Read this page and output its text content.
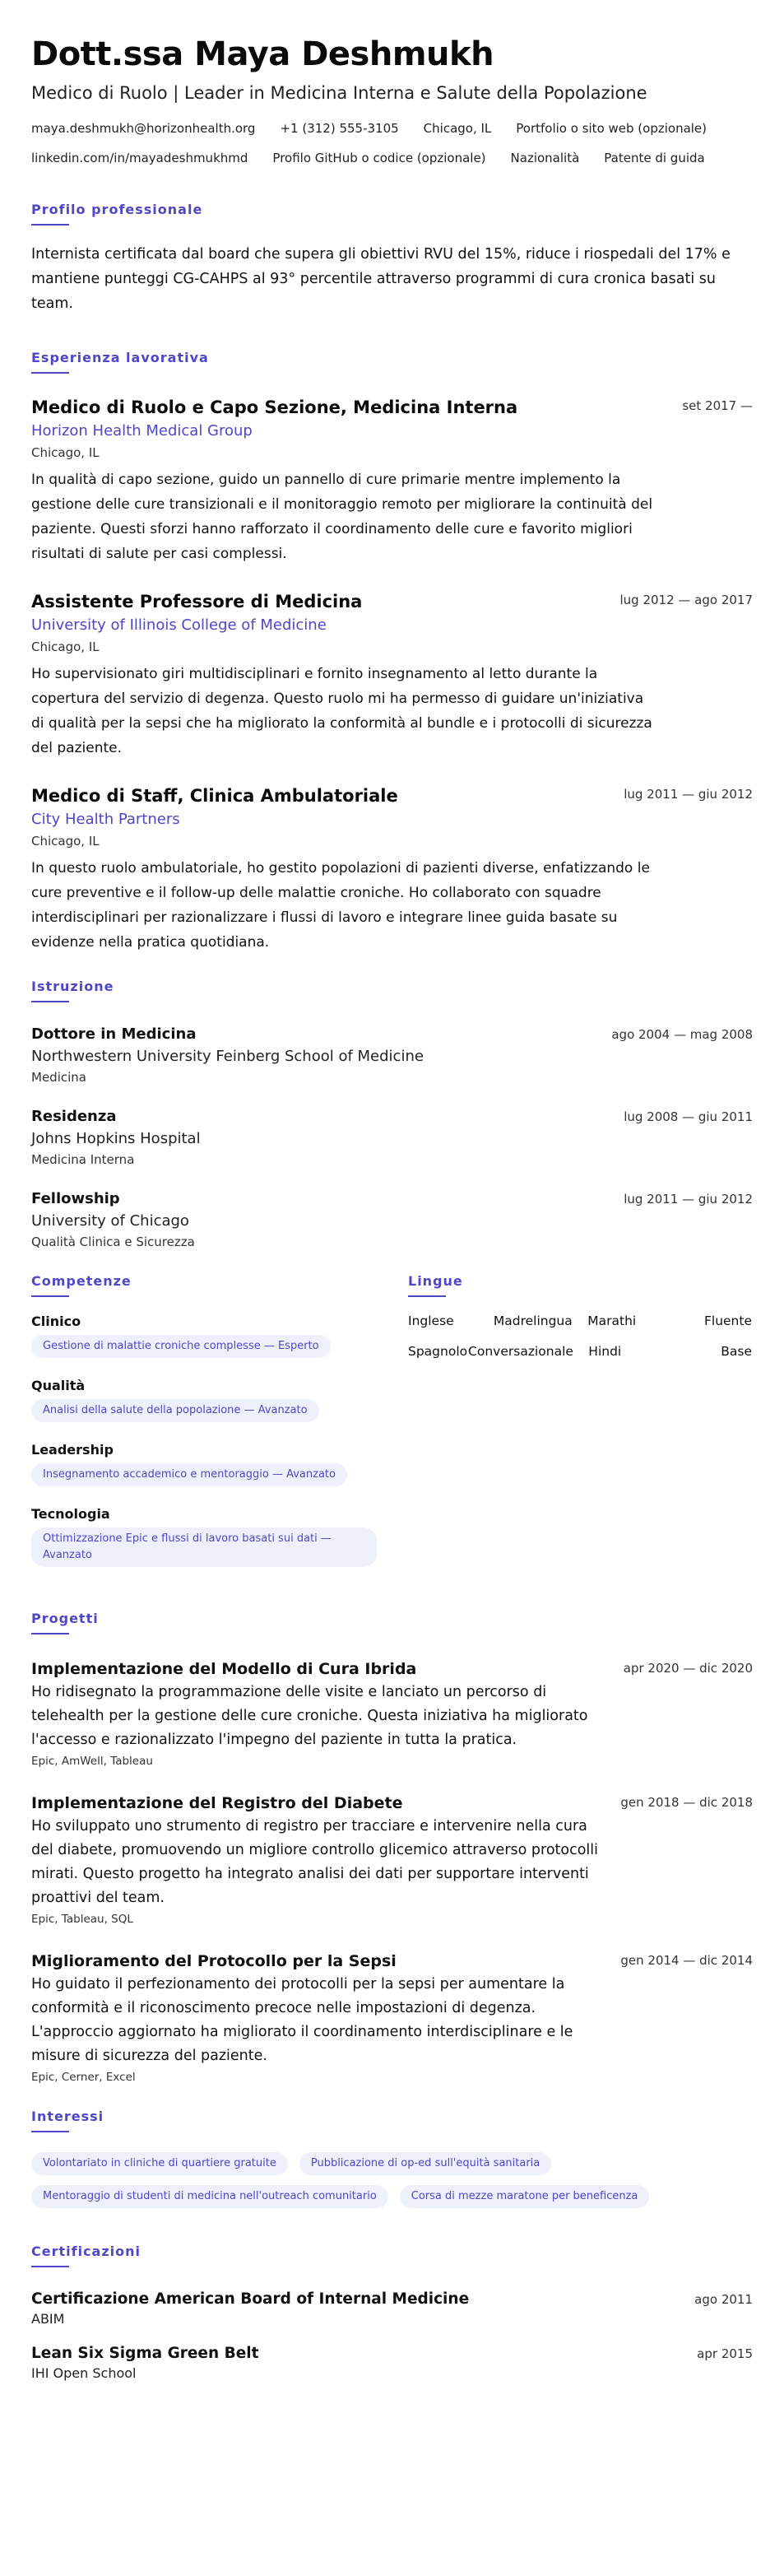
Dott.ssa Maya Deshmukh
Medico di Ruolo | Leader in Medicina Interna e Salute della Popolazione
maya.deshmukh@horizonhealth.org +1 (312) 555-3105 Chicago, IL Portfolio o sito web (opzionale)
linkedin.com/in/mayadeshmukhmd Profilo GitHub o codice (opzionale) Nazionalità Patente di guida
Profilo professionale
Internista certificata dal board che supera gli obiettivi RVU del 15%, riduce i riospedali del 17% e mantiene punteggi CG-CAHPS al 93° percentile attraverso programmi di cura cronica basati su team.
Esperienza lavorativa
Medico di Ruolo e Capo Sezione, Medicina Interna
Horizon Health Medical Group
Chicago, IL
set 2017 —
In qualità di capo sezione, guido un pannello di cure primarie mentre implemento la gestione delle cure transizionali e il monitoraggio remoto per migliorare la continuità del paziente. Questi sforzi hanno rafforzato il coordinamento delle cure e favorito migliori risultati di salute per casi complessi.
Assistente Professore di Medicina
University of Illinois College of Medicine
Chicago, IL
lug 2012 — ago 2017
Ho supervisionato giri multidisciplinari e fornito insegnamento al letto durante la copertura del servizio di degenza. Questo ruolo mi ha permesso di guidare un'iniziativa di qualità per la sepsi che ha migliorato la conformità al bundle e i protocolli di sicurezza del paziente.
Medico di Staff, Clinica Ambulatoriale
City Health Partners
Chicago, IL
lug 2011 — giu 2012
In questo ruolo ambulatoriale, ho gestito popolazioni di pazienti diverse, enfatizzando le cure preventive e il follow-up delle malattie croniche. Ho collaborato con squadre interdisciplinari per razionalizzare i flussi di lavoro e integrare linee guida basate su evidenze nella pratica quotidiana.
Istruzione
Dottore in Medicina
Northwestern University Feinberg School of Medicine
Medicina
ago 2004 — mag 2008
Residenza
Johns Hopkins Hospital
Medicina Interna
lug 2008 — giu 2011
Fellowship
University of Chicago
Qualità Clinica e Sicurezza
lug 2011 — giu 2012
Competenze
Clinico
Gestione di malattie croniche complesse — Esperto
Qualità
Analisi della salute della popolazione — Avanzato
Leadership
Insegnamento accademico e mentoraggio — Avanzato
Tecnologia
Ottimizzazione Epic e flussi di lavoro basati sui dati — Avanzato
Lingue
Inglese	Madrelingua Marathi	Fluente
Spagnolo Conversazionale Hindi	Base
Progetti
Implementazione del Modello di Cura Ibrida
Ho ridisegnato la programmazione delle visite e lanciato un percorso di telehealth per la gestione delle cure croniche. Questa iniziativa ha migliorato l'accesso e razionalizzato l'impegno del paziente in tutta la pratica.
Epic, AmWell, Tableau
apr 2020 — dic 2020
Implementazione del Registro del Diabete
Ho sviluppato uno strumento di registro per tracciare e intervenire nella cura del diabete, promuovendo un migliore controllo glicemico attraverso protocolli mirati. Questo progetto ha integrato analisi dei dati per supportare interventi proattivi del team.
Epic, Tableau, SQL
gen 2018 — dic 2018
Miglioramento del Protocollo per la Sepsi
Ho guidato il perfezionamento dei protocolli per la sepsi per aumentare la conformità e il riconoscimento precoce nelle impostazioni di degenza. L'approccio aggiornato ha migliorato il coordinamento interdisciplinare e le misure di sicurezza del paziente.
Epic, Cerner, Excel
gen 2014 — dic 2014
Interessi
Volontariato in cliniche di quartiere gratuite	Pubblicazione di op-ed sull'equità sanitaria
Mentoraggio di studenti di medicina nell'outreach comunitario	Corsa di mezze maratone per beneficenza
Certificazioni
Certificazione American Board of Internal Medicine
ABIM
ago 2011
Lean Six Sigma Green Belt
IHI Open School
apr 2015
